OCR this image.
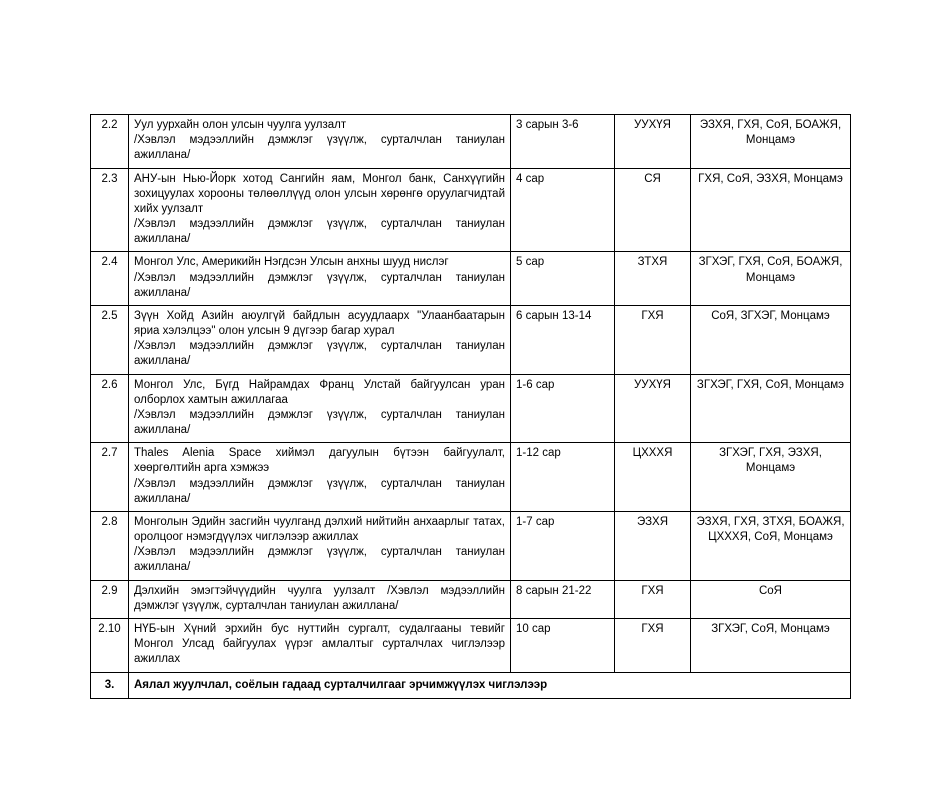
2.2	Уул уурхайн олон улсын чуулга уулзалт
/Хэвлэл мэдээллийн дэмжлэг үзүүлж, сурталчлан таниулан ажиллана/	3 сарын 3-6	УУХҮЯ	ЭЗХЯ, ГХЯ, СоЯ, БОАЖЯ, Монцамэ
2.3	АНУ-ын Нью-Йорк хотод Сангийн яам, Монгол банк, Санхүүгийн зохицуулах хорооны төлөөллүүд олон улсын хөрөнгө оруулагчидтай хийх уулзалт
/Хэвлэл мэдээллийн дэмжлэг үзүүлж, сурталчлан таниулан ажиллана/	4 сар	СЯ	ГХЯ, СоЯ, ЭЗХЯ, Монцамэ
2.4	Монгол Улс, Америкийн Нэгдсэн Улсын анхны шууд нислэг
/Хэвлэл мэдээллийн дэмжлэг үзүүлж, сурталчлан таниулан ажиллана/	5 сар	ЗТХЯ	ЗГХЭГ, ГХЯ, СоЯ, БОАЖЯ, Монцамэ
2.5	Зүүн Хойд Азийн аюулгүй байдлын асуудлаарх "Улаанбаатарын яриа хэлэлцээ" олон улсын 9 дүгээр багар хурал
/Хэвлэл мэдээллийн дэмжлэг үзүүлж, сурталчлан таниулан ажиллана/	6 сарын 13-14	ГХЯ	СоЯ, ЗГХЭГ, Монцамэ
2.6	Монгол Улс, Бүгд Найрамдах Франц Улстай байгуулсан уран олборлох хамтын ажиллагаа
/Хэвлэл мэдээллийн дэмжлэг үзүүлж, сурталчлан таниулан ажиллана/	1-6 сар	УУХҮЯ	ЗГХЭГ, ГХЯ, СоЯ, Монцамэ
2.7	Thales Alenia Space хиймэл дагуулын бүтээн байгуулалт, хөөргөлтийн арга хэмжээ
/Хэвлэл мэдээллийн дэмжлэг үзүүлж, сурталчлан таниулан ажиллана/	1-12 сар	ЦХХХЯ	ЗГХЭГ, ГХЯ, ЭЗХЯ, Монцамэ
2.8	Монголын Эдийн засгийн чуулганд дэлхий нийтийн анхаарлыг татах, оролцоог нэмэгдүүлэх чиглэлээр ажиллах
/Хэвлэл мэдээллийн дэмжлэг үзүүлж, сурталчлан таниулан ажиллана/	1-7 сар	ЭЗХЯ	ЭЗХЯ, ГХЯ, ЗТХЯ, БОАЖЯ, ЦХХХЯ, СоЯ, Монцамэ
2.9	Дэлхийн эмэгтэйчүүдийн чуулга уулзалт /Хэвлэл мэдээллийн дэмжлэг үзүүлж, сурталчлан таниулан ажиллана/	8 сарын 21-22	ГХЯ	СоЯ
2.10	НҮБ-ын Хүний эрхийн бус нуттийн сургалт, судалгааны тевийг Монгол Улсад байгуулах үүрэг амлалтыг сурталчлах чиглэлээр ажиллах	10 сар	ГХЯ	ЗГХЭГ, СоЯ, Монцамэ
3.	Аялал жуулчлал, соёлын гадаад сурталчилгааг эрчимжүүлэх чиглэлээр			
